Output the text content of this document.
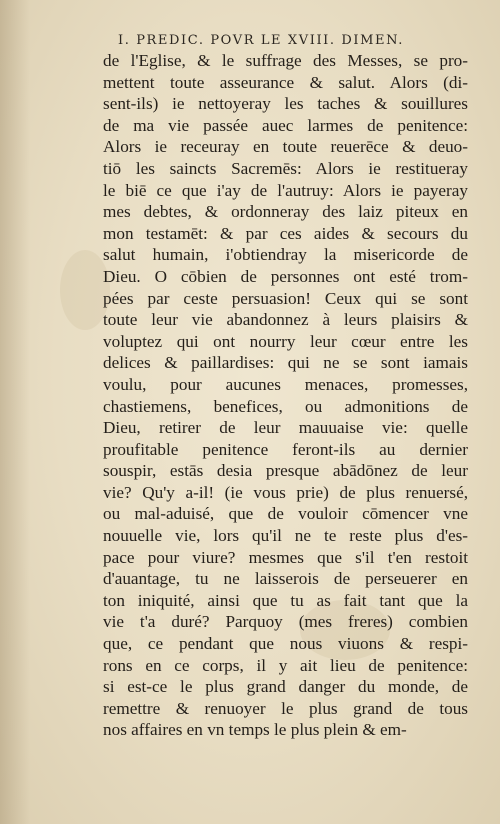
I. PREDIC. POVR LE XVIII. DIMEN.
de l'Eglise, & le suffrage des Messes, se pro-
mettent toute asseurance & salut. Alors (di-
sent-ils) ie nettoyeray les taches & souillures
de ma vie passée auec larmes de penitence:
Alors ie receuray en toute reuerēce & deuo-
tiō les saincts Sacremēs: Alors ie restitueray
le biē ce que i'ay de l'autruy: Alors ie payeray
mes debtes, & ordonneray des laiz piteux en
mon testamēt: & par ces aides & secours du
salut humain, i'obtiendray la misericorde de
Dieu. O cōbien de personnes ont esté trom-
pées par ceste persuasion! Ceux qui se sont
toute leur vie abandonnez à leurs plaisirs &
voluptez qui ont nourry leur cœur entre les
delices & paillardises: qui ne se sont iamais
voulu, pour aucunes menaces, promesses,
chastiemens, benefices, ou admonitions de
Dieu, retirer de leur mauuaise vie: quelle
proufitable penitence feront-ils au dernier
souspir, estās desia presque abādōnez de leur
vie? Qu'y a-il! (ie vous prie) de plus renuersé,
ou mal-aduisé, que de vouloir cōmencer vne
nouuelle vie, lors qu'il ne te reste plus d'es-
pace pour viure? mesmes que s'il t'en restoit
d'auantage, tu ne laisserois de perseuerer en
ton iniquité, ainsi que tu as fait tant que la
vie t'a duré? Parquoy (mes freres) combien
que, ce pendant que nous viuons & respi-
rons en ce corps, il y ait lieu de penitence:
si est-ce le plus grand danger du monde, de
remettre & renuoyer le plus grand de tous
nos affaires en vn temps le plus plein & em-
